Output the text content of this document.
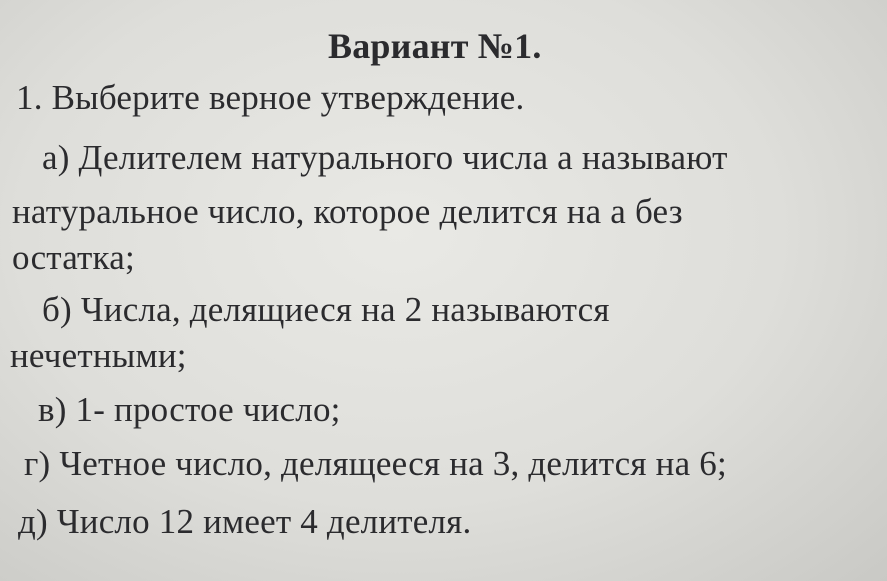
Вариант №1.
1. Выберите верное утверждение.
а) Делителем натурального числа а называют
натуральное число, которое делится на а без
остатка;
б) Числа, делящиеся на 2 называются
нечетными;
в) 1- простое число;
г) Четное число, делящееся на 3, делится на 6;
д) Число 12 имеет 4 делителя.
